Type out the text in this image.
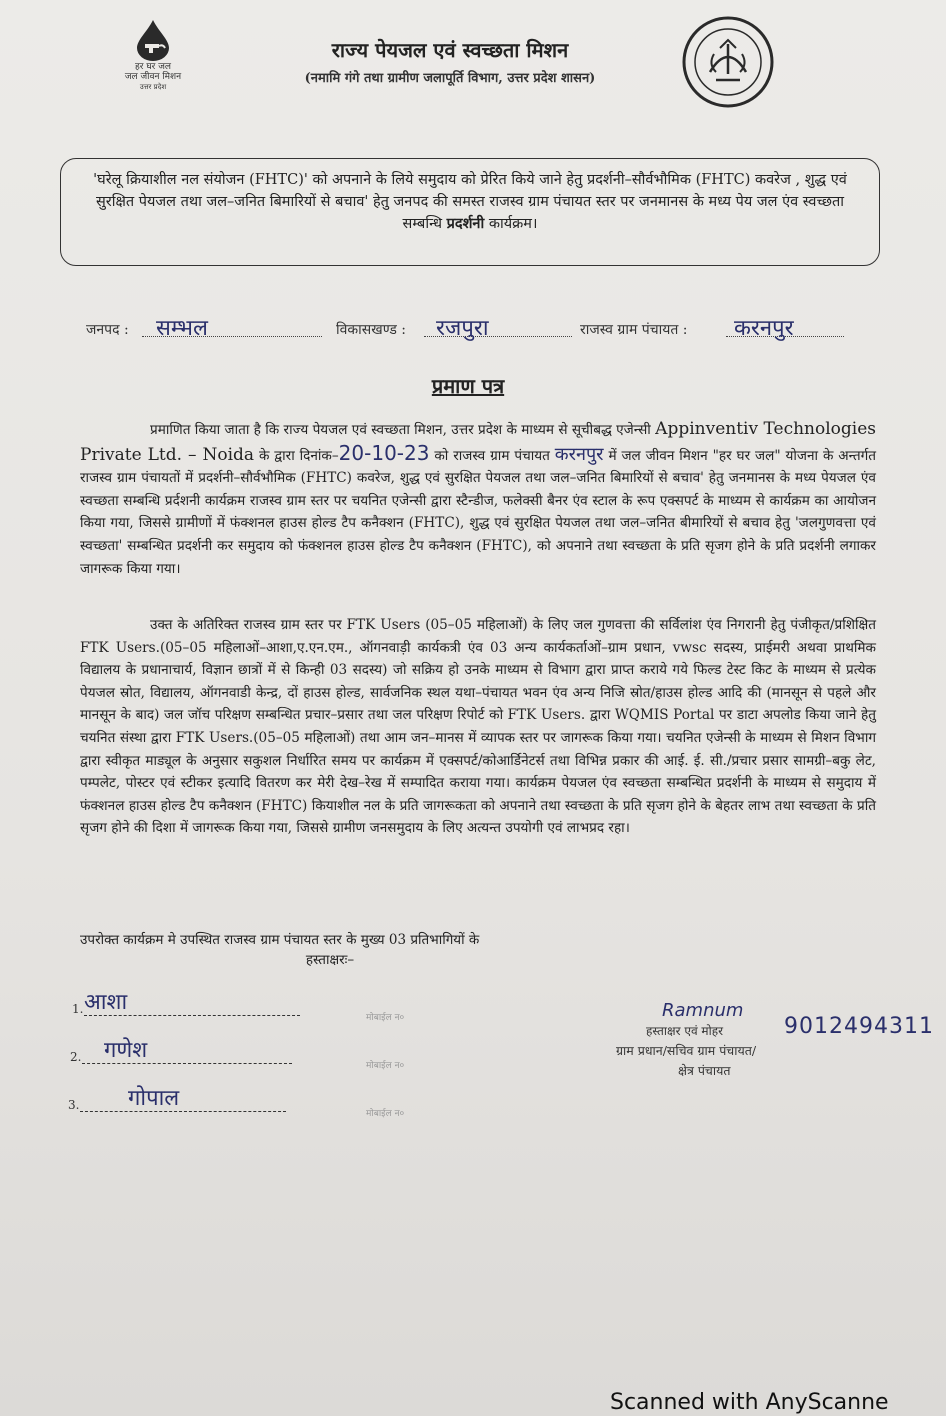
हर घर जल
जल जीवन मिशन
उत्तर प्रदेश
राज्य पेयजल एवं स्वच्छता मिशन
(नमामि गंगे तथा ग्रामीण जलापूर्ति विभाग, उत्तर प्रदेश शासन)
'घरेलू क्रियाशील नल संयोजन (FHTC)' को अपनाने के लिये समुदाय को प्रेरित किये जाने हेतु प्रदर्शनी–सौर्वभौमिक (FHTC) कवरेज , शुद्ध एवं सुरक्षित पेयजल तथा जल–जनित बिमारियों से बचाव' हेतु जनपद की समस्त राजस्व ग्राम पंचायत स्तर पर जनमानस के मध्य पेय जल एंव स्वच्छता सम्बन्धि प्रदर्शनी कार्यक्रम।
जनपद : सम्भल	विकासखण्ड : रजपुरा	राजस्व ग्राम पंचायत : करनपुर
प्रमाण पत्र
प्रमाणित किया जाता है कि राज्य पेयजल एवं स्वच्छता मिशन, उत्तर प्रदेश के माध्यम से सूचीबद्ध एजेन्सी Appinventiv Technologies Private Ltd. – Noida के द्वारा दिनांक–20-10-23 को राजस्व ग्राम पंचायत करनपुर में जल जीवन मिशन "हर घर जल" योजना के अन्तर्गत राजस्व ग्राम पंचायतों में प्रदर्शनी–सौर्वभौमिक (FHTC) कवरेज, शुद्ध एवं सुरक्षित पेयजल तथा जल–जनित बिमारियों से बचाव' हेतु जनमानस के मध्य पेयजल एंव स्वच्छता सम्बन्धि प्रर्दशनी कार्यक्रम राजस्व ग्राम स्तर पर चयनित एजेन्सी द्वारा स्टैन्डीज, फलेक्सी बैनर एंव स्टाल के रूप एक्सपर्ट के माध्यम से कार्यक्रम का आयोजन किया गया, जिससे ग्रामीणों में फंक्शनल हाउस होल्ड टैप कनैक्शन (FHTC), शुद्ध एवं सुरक्षित पेयजल तथा जल–जनित बीमारियों से बचाव हेतु 'जलगुणवत्ता एवं स्वच्छता' सम्बन्धित प्रदर्शनी कर समुदाय को फंक्शनल हाउस होल्ड टैप कनैक्शन (FHTC), को अपनाने तथा स्वच्छता के प्रति सृजग होने के प्रति प्रदर्शनी लगाकर जागरूक किया गया।
उक्त के अतिरिक्त राजस्व ग्राम स्तर पर FTK Users (05–05 महिलाओं) के लिए जल गुणवत्ता की सर्विलांश एंव निगरानी हेतु पंजीकृत/प्रशिक्षित FTK Users.(05–05 महिलाओं–आशा,ए.एन.एम., ऑगनवाड़ी कार्यकत्री एंव 03 अन्य कार्यकर्ताओं–ग्राम प्रधान, vwsc सदस्य, प्राईमरी अथवा प्राथमिक विद्यालय के प्रधानाचार्य, विज्ञान छात्रों में से किन्ही 03 सदस्य) जो सक्रिय हो उनके माध्यम से विभाग द्वारा प्राप्त कराये गये फिल्ड टेस्ट किट के माध्यम से प्रत्येक पेयजल स्रोत, विद्यालय, ऑगनवाडी केन्द्र, दों हाउस होल्ड, सार्वजनिक स्थल यथा–पंचायत भवन एंव अन्य निजि स्रोत/हाउस होल्ड आदि की (मानसून से पहले और मानसून के बाद) जल जॉच परिक्षण सम्बन्धित प्रचार–प्रसार तथा जल परिक्षण रिपोर्ट को FTK Users. द्वारा WQMIS Portal पर डाटा अपलोड किया जाने हेतु चयनित संस्था द्वारा FTK Users.(05–05 महिलाओं) तथा आम जन–मानस में व्यापक स्तर पर जागरूक किया गया। चयनित एजेन्सी के माध्यम से मिशन विभाग द्वारा स्वीकृत माड्यूल के अनुसार सकुशल निर्धारित समय पर कार्यक्रम में एक्सपर्ट/कोआर्डिनेटर्स तथा विभिन्न प्रकार की आई. ई. सी./प्रचार प्रसार सामग्री–बकु लेट, पम्पलेट, पोस्टर एवं स्टीकर इत्यादि वितरण कर मेरी देख–रेख में सम्पादित कराया गया। कार्यक्रम पेयजल एंव स्वच्छता सम्बन्धित प्रदर्शनी के माध्यम से समुदाय में फंक्शनल हाउस होल्ड टैप कनैक्शन (FHTC) कियाशील नल के प्रति जागरूकता को अपनाने तथा स्वच्छता के प्रति सृजग होने के बेहतर लाभ तथा स्वच्छता के प्रति सृजग होने की दिशा में जागरूक किया गया, जिससे ग्रामीण जनसमुदाय के लिए अत्यन्त उपयोगी एवं लाभप्रद रहा।
उपरोक्त कार्यक्रम मे उपस्थित राजस्व ग्राम पंचायत स्तर के मुख्य 03 प्रतिभागियों के
हस्ताक्षरः–
1. आशा
मोबाईल न०
2. गणेश
मोबाईल न०
3. गोपाल
मोबाईल न०
Ramnum
हस्ताक्षर एवं मोहर	9012494311
ग्राम प्रधान/सचिव ग्राम पंचायत/
क्षेत्र पंचायत
Scanned with AnyScanne
